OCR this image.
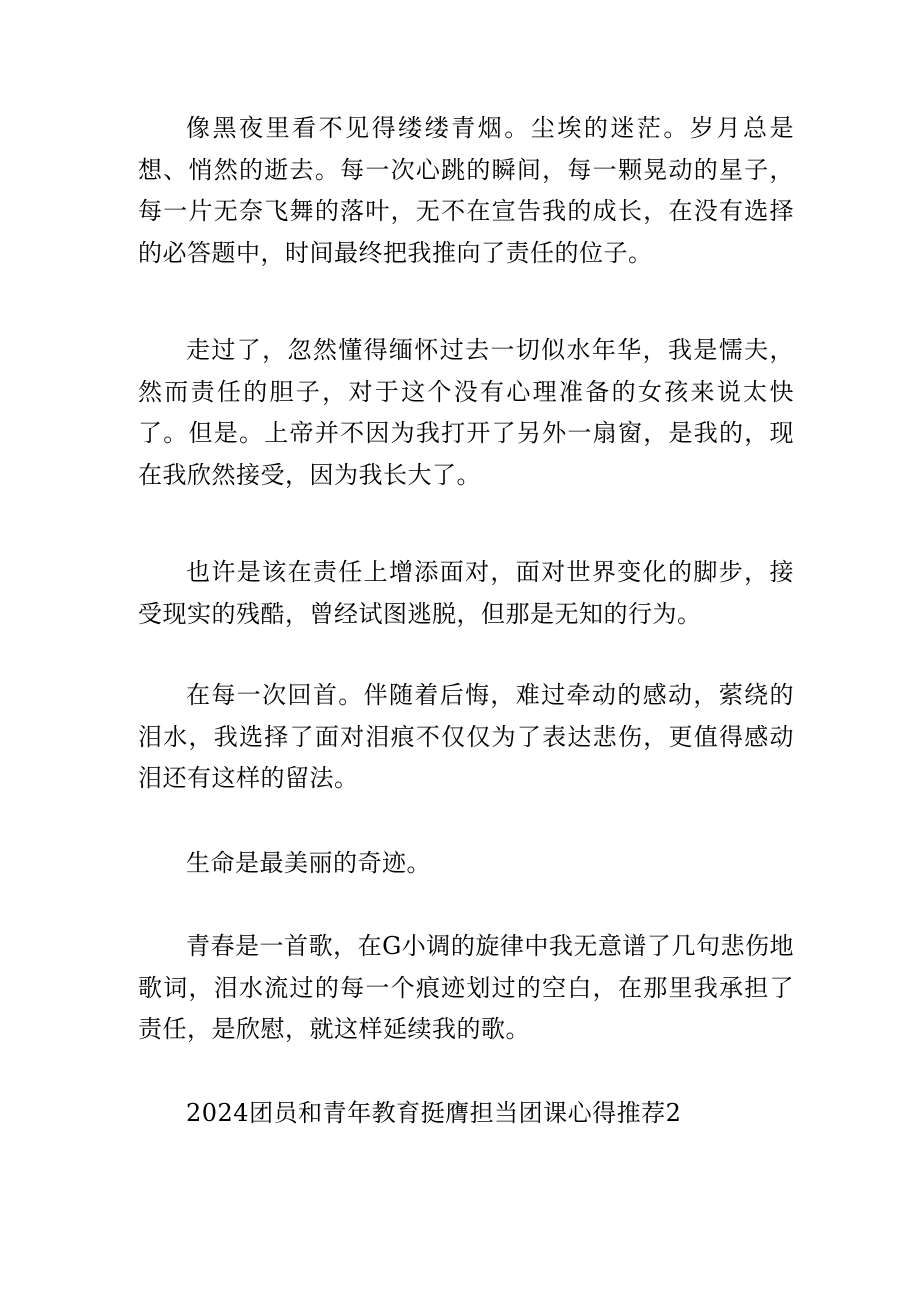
像黑夜里看不见得缕缕青烟。尘埃的迷茫。岁月总是想、悄然的逝去。每一次心跳的瞬间，每一颗晃动的星子，每一片无奈飞舞的落叶，无不在宣告我的成长，在没有选择的必答题中，时间最终把我推向了责任的位子。

走过了，忽然懂得缅怀过去一切似水年华，我是懦夫，然而责任的胆子，对于这个没有心理准备的女孩来说太快了。但是。上帝并不因为我打开了另外一扇窗，是我的，现在我欣然接受，因为我长大了。

也许是该在责任上增添面对，面对世界变化的脚步，接受现实的残酷，曾经试图逃脱，但那是无知的行为。

在每一次回首。伴随着后悔，难过牵动的感动，萦绕的泪水，我选择了面对泪痕不仅仅为了表达悲伤，更值得感动泪还有这样的留法。

生命是最美丽的奇迹。

青春是一首歌，在G小调的旋律中我无意谱了几句悲伤地歌词，泪水流过的每一个痕迹划过的空白，在那里我承担了责任，是欣慰，就这样延续我的歌。

2024团员和青年教育挺膺担当团课心得推荐2
